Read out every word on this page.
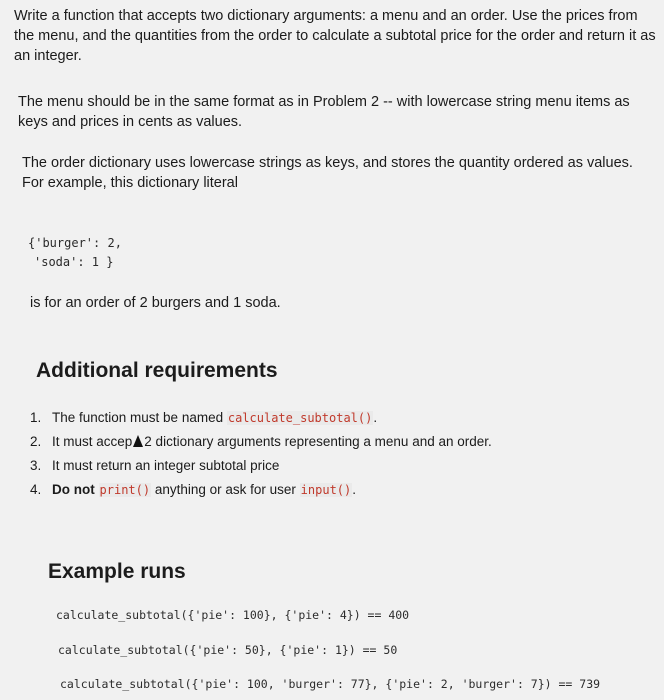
Write a function that accepts two dictionary arguments: a menu and an order. Use the prices from the menu, and the quantities from the order to calculate a subtotal price for the order and return it as an integer.
The menu should be in the same format as in Problem 2 -- with lowercase string menu items as keys and prices in cents as values.
The order dictionary uses lowercase strings as keys, and stores the quantity ordered as values. For example, this dictionary literal
{'burger': 2,
'soda': 1 }
is for an order of 2 burgers and 1 soda.
Additional requirements
1. The function must be named calculate_subtotal().
2. It must accep 2 dictionary arguments representing a menu and an order.
3. It must return an integer subtotal price
4. Do not print() anything or ask for user input().
Example runs
calculate_subtotal({'pie': 100}, {'pie': 4}) == 400
calculate_subtotal({'pie': 50}, {'pie': 1}) == 50
calculate_subtotal({'pie': 100, 'burger': 77}, {'pie': 2, 'burger': 7}) == 739
